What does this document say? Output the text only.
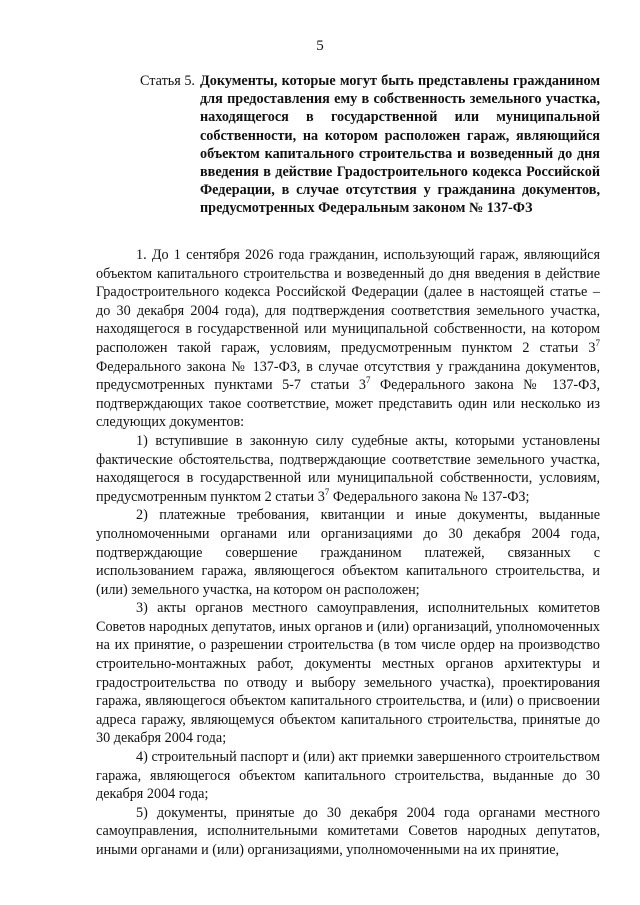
5
Статья 5. Документы, которые могут быть представлены гражданином для предоставления ему в собственность земельного участка, находящегося в государственной или муниципальной собственности, на котором расположен гараж, являющийся объектом капитального строительства и возведенный до дня введения в действие Градостроительного кодекса Российской Федерации, в случае отсутствия у гражданина документов, предусмотренных Федеральным законом № 137-ФЗ

1. До 1 сентября 2026 года гражданин, использующий гараж, являющийся объектом капитального строительства и возведенный до дня введения в действие Градостроительного кодекса Российской Федерации (далее в настоящей статье – до 30 декабря 2004 года), для подтверждения соответствия земельного участка, находящегося в государственной или муниципальной собственности, на котором расположен такой гараж, условиям, предусмотренным пунктом 2 статьи $3^7$ Федерального закона № 137-ФЗ, в случае отсутствия у гражданина документов, предусмотренных пунктами 5-7 статьи $3^7$ Федерального закона № 137-ФЗ, подтверждающих такое соответствие, может представить один или несколько из следующих документов:

1) вступившие в законную силу судебные акты, которыми установлены фактические обстоятельства, подтверждающие соответствие земельного участка, находящегося в государственной или муниципальной собственности, условиям, предусмотренным пунктом 2 статьи $3^7$ Федерального закона № 137-ФЗ;

2) платежные требования, квитанции и иные документы, выданные уполномоченными органами или организациями до 30 декабря 2004 года, подтверждающие совершение гражданином платежей, связанных с использованием гаража, являющегося объектом капитального строительства, и (или) земельного участка, на котором он расположен;

3) акты органов местного самоуправления, исполнительных комитетов Советов народных депутатов, иных органов и (или) организаций, уполномоченных на их принятие, о разрешении строительства (в том числе ордер на производство строительно-монтажных работ, документы местных органов архитектуры и градостроительства по отводу и выбору земельного участка), проектирования гаража, являющегося объектом капитального строительства, и (или) о присвоении адреса гаражу, являющемуся объектом капитального строительства, принятые до 30 декабря 2004 года;

4) строительный паспорт и (или) акт приемки завершенного строительством гаража, являющегося объектом капитального строительства, выданные до 30 декабря 2004 года;

5) документы, принятые до 30 декабря 2004 года органами местного самоуправления, исполнительными комитетами Советов народных депутатов, иными органами и (или) организациями, уполномоченными на их принятие,
